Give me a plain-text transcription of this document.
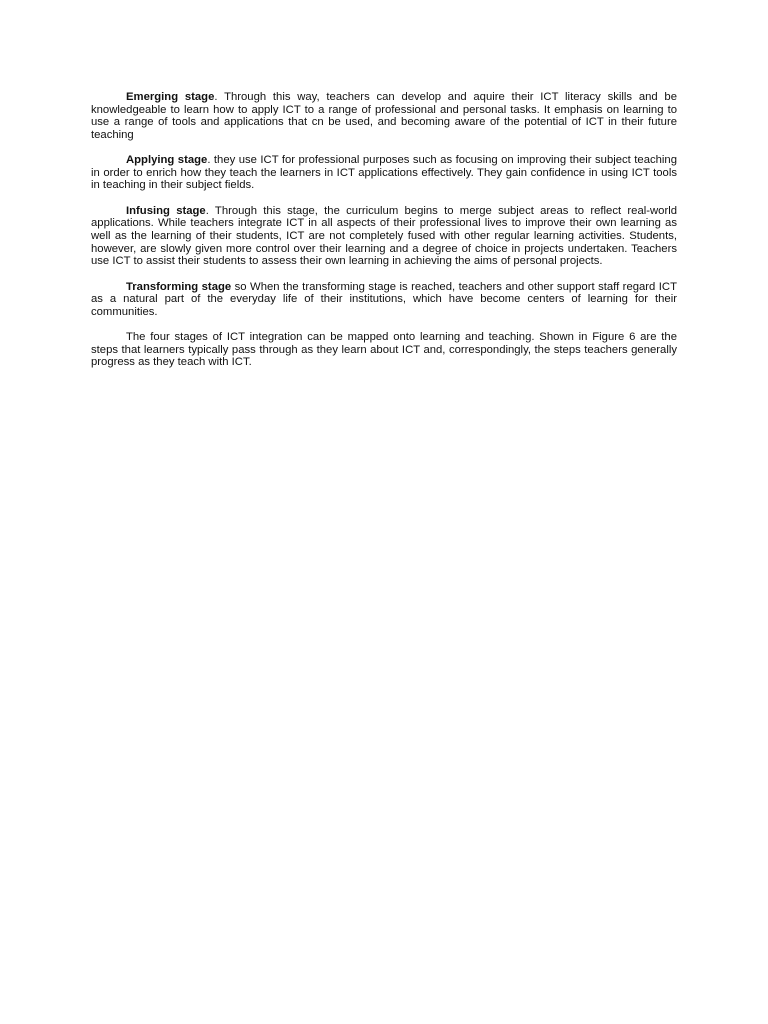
Emerging stage. Through this way, teachers can develop and aquire their ICT literacy skills and be knowledgeable to learn how to apply ICT to a range of professional and personal tasks. It emphasis on learning to use a range of tools and applications that cn be used, and becoming aware of the potential of ICT in their future teaching

Applying stage. they use ICT for professional purposes such as focusing on improving their subject teaching in order to enrich how they teach the learners in ICT applications effectively. They gain confidence in using ICT tools in teaching in their subject fields.

Infusing stage. Through this stage, the curriculum begins to merge subject areas to reflect real-world applications. While teachers integrate ICT in all aspects of their professional lives to improve their own learning as well as the learning of their students, ICT are not completely fused with other regular learning activities. Students, however, are slowly given more control over their learning and a degree of choice in projects undertaken. Teachers use ICT to assist their students to assess their own learning in achieving the aims of personal projects.

Transforming stage so When the transforming stage is reached, teachers and other support staff regard ICT as a natural part of the everyday life of their institutions, which have become centers of learning for their communities.

The four stages of ICT integration can be mapped onto learning and teaching. Shown in Figure 6 are the steps that learners typically pass through as they learn about ICT and, correspondingly, the steps teachers generally progress as they teach with ICT.
